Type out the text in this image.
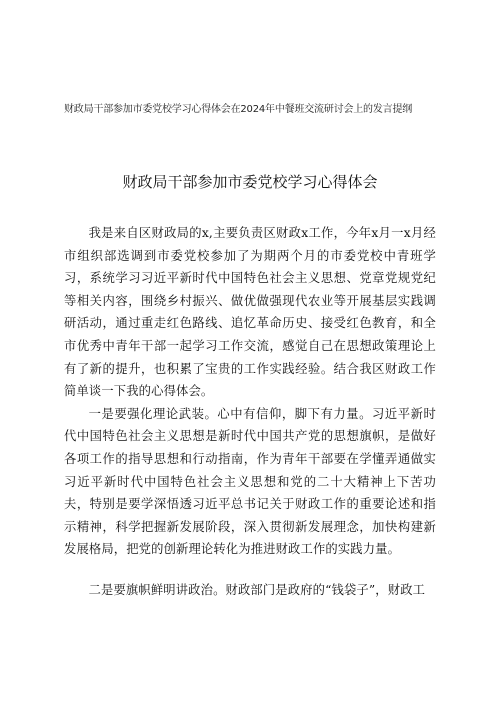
财政局干部参加市委党校学习心得体会在2024年中餐班交流研讨会上的发言提纲
财政局干部参加市委党校学习心得体会

我是来自区财政局的x,主要负责区财政x工作，今年x月一x月经市组织部选调到市委党校参加了为期两个月的市委党校中青班学习，系统学习习近平新时代中国特色社会主义思想、党章党规党纪等相关内容，围绕乡村振兴、做优做强现代农业等开展基层实践调研活动，通过重走红色路线、追忆革命历史、接受红色教育，和全市优秀中青年干部一起学习工作交流，感觉自己在思想政策理论上有了新的提升，也积累了宝贵的工作实践经验。结合我区财政工作简单谈一下我的心得体会。

一是要强化理论武装。心中有信仰，脚下有力量。习近平新时代中国特色社会主义思想是新时代中国共产党的思想旗帜，是做好各项工作的指导思想和行动指南，作为青年干部要在学懂弄通做实习近平新时代中国特色社会主义思想和党的二十大精神上下苦功夫，特别是要学深悟透习近平总书记关于财政工作的重要论述和指示精神，科学把握新发展阶段，深入贯彻新发展理念，加快构建新发展格局，把党的创新理论转化为推进财政工作的实践力量。

二是要旗帜鲜明讲政治。财政部门是政府的“钱袋子”，财政工
